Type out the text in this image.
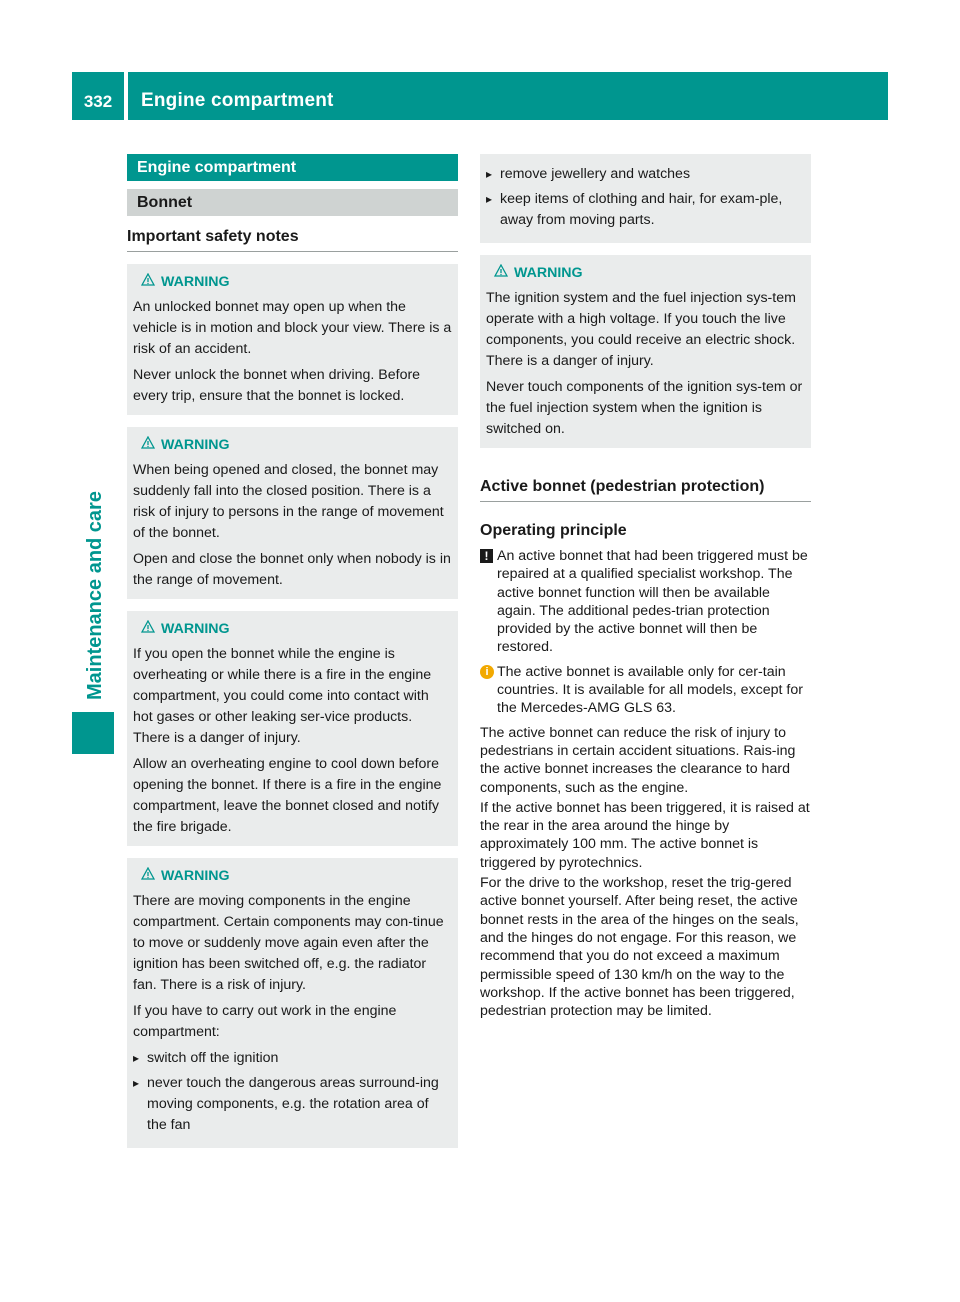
332	Engine compartment
Maintenance and care
Engine compartment
Bonnet
Important safety notes
WARNING

An unlocked bonnet may open up when the vehicle is in motion and block your view. There is a risk of an accident.

Never unlock the bonnet when driving. Before every trip, ensure that the bonnet is locked.

WARNING

When being opened and closed, the bonnet may suddenly fall into the closed position. There is a risk of injury to persons in the range of movement of the bonnet.

Open and close the bonnet only when nobody is in the range of movement.

WARNING

If you open the bonnet while the engine is overheating or while there is a fire in the engine compartment, you could come into contact with hot gases or other leaking ser-vice products. There is a danger of injury.

Allow an overheating engine to cool down before opening the bonnet. If there is a fire in the engine compartment, leave the bonnet closed and notify the fire brigade.

WARNING

There are moving components in the engine compartment. Certain components may con-tinue to move or suddenly move again even after the ignition has been switched off, e.g. the radiator fan. There is a risk of injury.

If you have to carry out work in the engine compartment:

▸ switch off the ignition
▸ never touch the dangerous areas surround-ing moving components, e.g. the rotation area of the fan
▸ remove jewellery and watches
▸ keep items of clothing and hair, for exam-ple, away from moving parts.
WARNING

The ignition system and the fuel injection sys-tem operate with a high voltage. If you touch the live components, you could receive an electric shock. There is a danger of injury.

Never touch components of the ignition sys-tem or the fuel injection system when the ignition is switched on.

Active bonnet (pedestrian protection)
Operating principle
! An active bonnet that had been triggered must be repaired at a qualified specialist workshop. The active bonnet function will then be available again. The additional pedes-trian protection provided by the active bonnet will then be restored.
i The active bonnet is available only for cer-tain countries. It is available for all models, except for the Mercedes-AMG GLS 63.

The active bonnet can reduce the risk of injury to pedestrians in certain accident situations. Rais-ing the active bonnet increases the clearance to hard components, such as the engine.

If the active bonnet has been triggered, it is raised at the rear in the area around the hinge by approximately 100 mm. The active bonnet is triggered by pyrotechnics.

For the drive to the workshop, reset the trig-gered active bonnet yourself. After being reset, the active bonnet rests in the area of the hinges on the seals, and the hinges do not engage. For this reason, we recommend that you do not exceed a maximum permissible speed of 130 km/h on the way to the workshop. If the active bonnet has been triggered, pedestrian protection may be limited.
